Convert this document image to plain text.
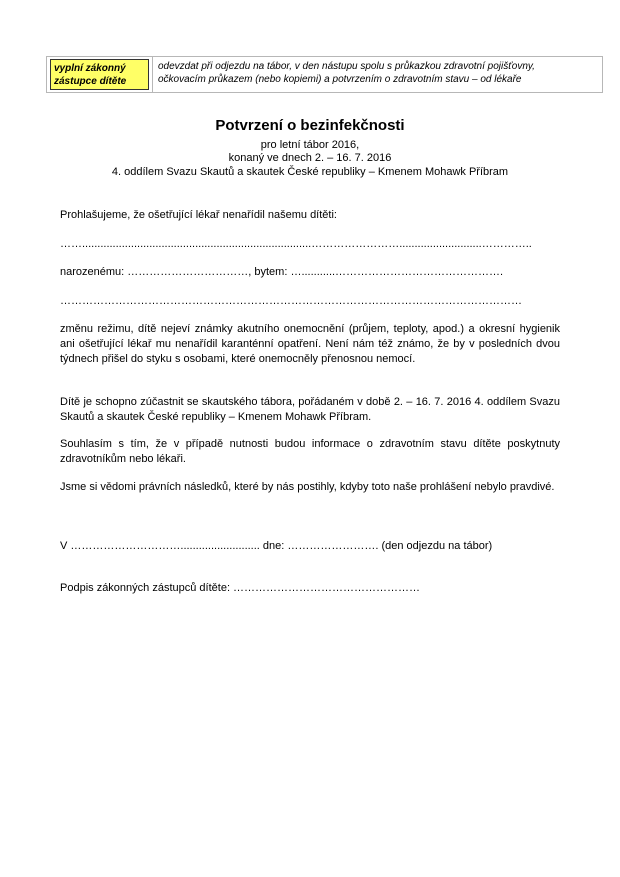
vyplní zákonný zástupce dítěte
odevzdat při odjezdu na tábor, v den nástupu spolu s průkazkou zdravotní pojišťovny,
očkovacím průkazem (nebo kopiemi) a potvrzením o zdravotním stavu – od lékaře
Potvrzení o bezinfekčnosti
pro letní tábor 2016,
konaný ve dnech 2. – 16. 7. 2016
4. oddílem Svazu Skautů a skautek České republiky – Kmenem Mohawk Příbram
Prohlašujeme, že ošetřující lékař nenařídil našemu dítěti:
……...........................................................................……………………...........................…………..
narozenému: ……………………………, bytem: …...........……………………………………….
………………………………………………………………………………………………………………
změnu režimu, dítě nejeví známky akutního onemocnění (průjem, teploty, apod.) a okresní hygienik ani ošetřující lékař mu nenařídil karanténní opatření. Není nám též známo, že by v posledních dvou týdnech přišel do styku s osobami, které onemocněly přenosnou nemocí.
Dítě je schopno zúčastnit se skautského tábora, pořádaném v době 2. – 16. 7. 2016 4. oddílem Svazu Skautů a skautek České republiky – Kmenem Mohawk Příbram.
Souhlasím s tím, že v případě nutnosti budou informace o zdravotním stavu dítěte poskytnuty zdravotníkům nebo lékaři.
Jsme si vědomi právních následků, které by nás postihly, kdyby toto naše prohlášení nebylo pravdivé.
V ………………………….......................... dne: ……………………. (den odjezdu na tábor)
Podpis zákonných zástupců dítěte: ……………………………………………
